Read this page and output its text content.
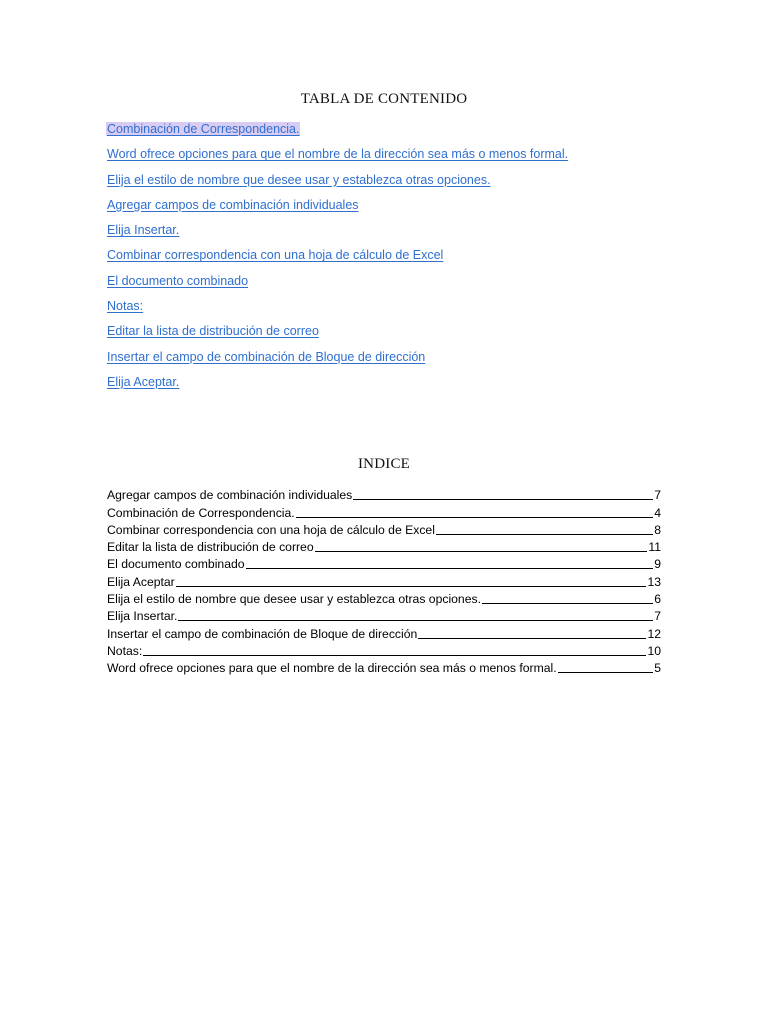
TABLA DE CONTENIDO
Combinación de Correspondencia.
Word ofrece opciones para que el nombre de la dirección sea más o menos formal.
Elija el estilo de nombre que desee usar y establezca otras opciones.
Agregar campos de combinación individuales
Elija Insertar.
Combinar correspondencia con una hoja de cálculo de Excel
El documento combinado
Notas:
Editar la lista de distribución de correo
Insertar el campo de combinación de Bloque de dirección
Elija Aceptar.
INDICE
Agregar campos de combinación individuales	7
Combinación de Correspondencia.	4
Combinar correspondencia con una hoja de cálculo de Excel	8
Editar la lista de distribución de correo	11
El documento combinado	9
Elija Aceptar	13
Elija el estilo de nombre que desee usar y establezca otras opciones.	6
Elija Insertar.	7
Insertar el campo de combinación de Bloque de dirección	12
Notas:	10
Word ofrece opciones para que el nombre de la dirección sea más o menos formal.	5
